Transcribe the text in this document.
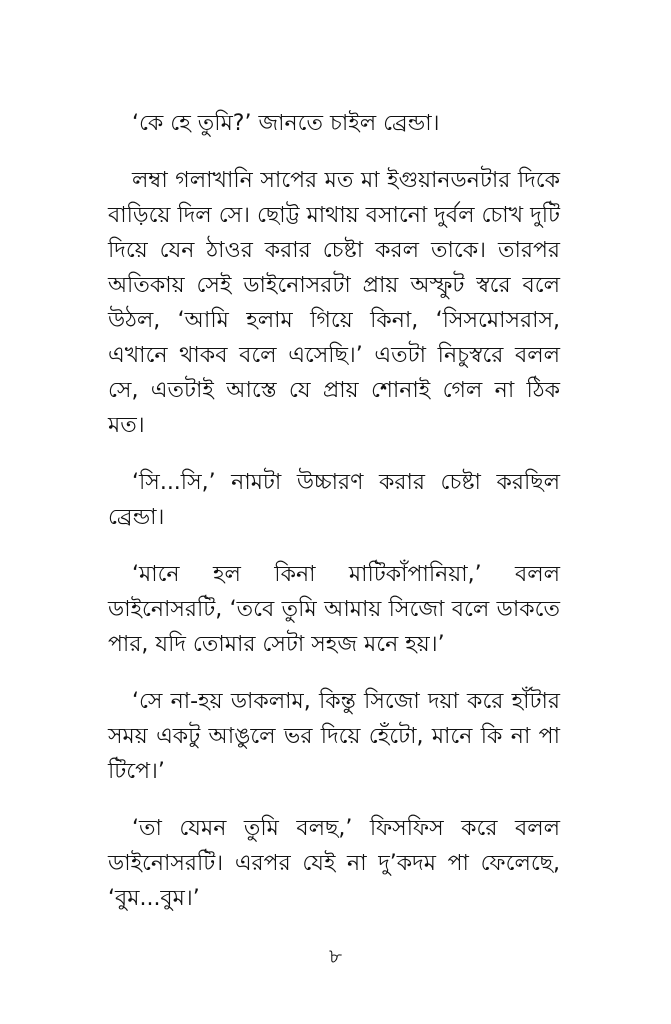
‘কে হে তুমি?’ জানতে চাইল ব্রেন্ডা।

লম্বা গলাখানি সাপের মত মা ইগুয়ানডনটার দিকে বাড়িয়ে দিল সে। ছোট্ট মাথায় বসানো দুর্বল চোখ দুটি দিয়ে যেন ঠাওর করার চেষ্টা করল তাকে। তারপর অতিকায় সেই ডাইনোসরটা প্রায় অস্ফুট স্বরে বলে উঠল, ‘আমি হলাম গিয়ে কিনা, ‘সিসমোসরাস, এখানে থাকব বলে এসেছি।’ এতটা নিচুস্বরে বলল সে, এতটাই আস্তে যে প্রায় শোনাই গেল না ঠিক মত।

‘সি...সি,’ নামটা উচ্চারণ করার চেষ্টা করছিল ব্রেন্ডা।

‘মানে হল কিনা মাটিকাঁপানিয়া,’ বলল ডাইনোসরটি, ‘তবে তুমি আমায় সিজো বলে ডাকতে পার, যদি তোমার সেটা সহজ মনে হয়।’

‘সে না-হয় ডাকলাম, কিন্তু সিজো দয়া করে হাঁটার সময় একটু আঙুলে ভর দিয়ে হেঁটো, মানে কি না পা টিপে।’

‘তা যেমন তুমি বলছ,’ ফিসফিস করে বলল ডাইনোসরটি। এরপর যেই না দু’কদম পা ফেলেছে, ‘বুম...বুম।’

৮
